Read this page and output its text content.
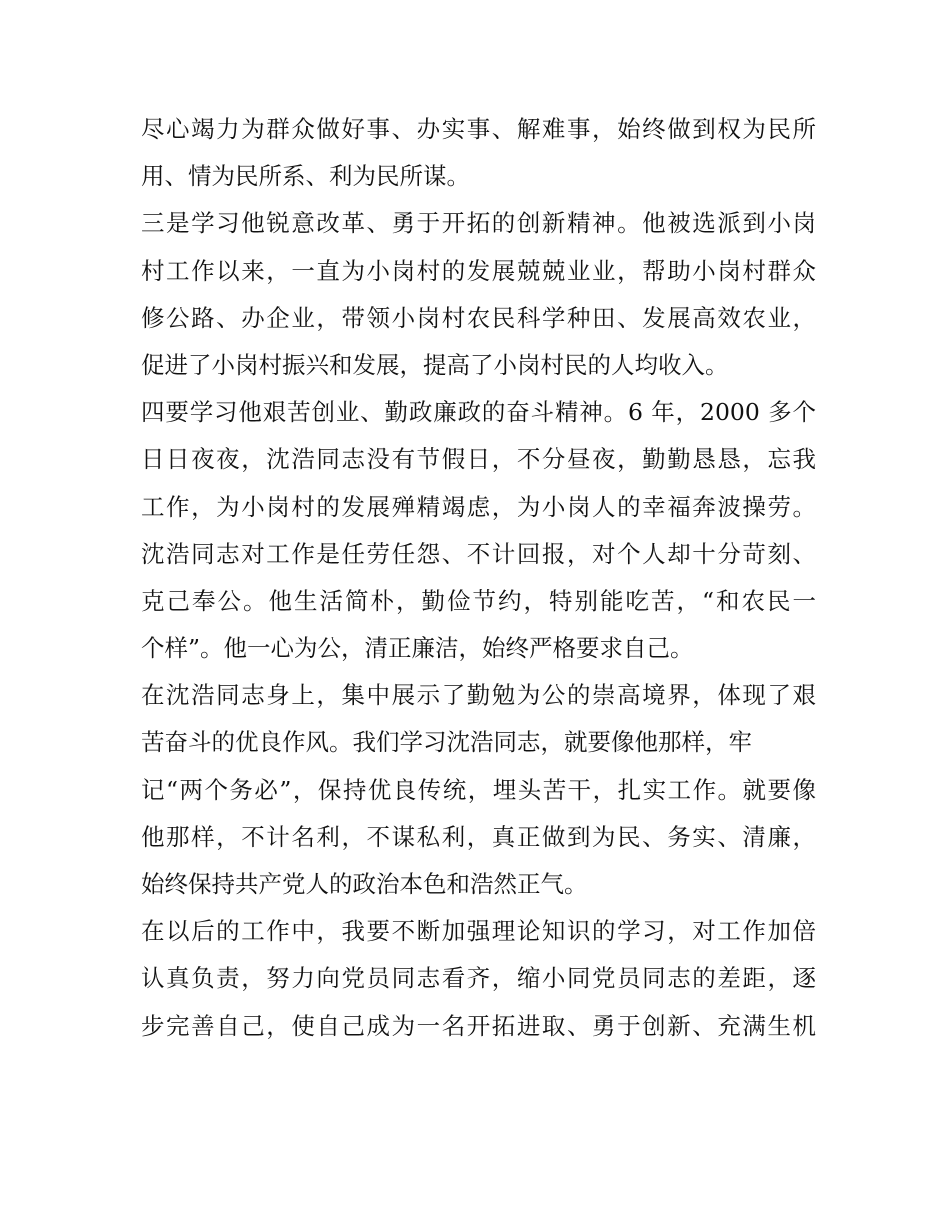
尽心竭力为群众做好事、办实事、解难事，始终做到权为民所
用、情为民所系、利为民所谋。
三是学习他锐意改革、勇于开拓的创新精神。他被选派到小岗
村工作以来，一直为小岗村的发展兢兢业业，帮助小岗村群众
修公路、办企业，带领小岗村农民科学种田、发展高效农业，
促进了小岗村振兴和发展，提高了小岗村民的人均收入。
四要学习他艰苦创业、勤政廉政的奋斗精神。6 年，2000 多个
日日夜夜，沈浩同志没有节假日，不分昼夜，勤勤恳恳，忘我
工作，为小岗村的发展殚精竭虑，为小岗人的幸福奔波操劳。
沈浩同志对工作是任劳任怨、不计回报，对个人却十分苛刻、
克己奉公。他生活简朴，勤俭节约，特别能吃苦，“和农民一
个样”。他一心为公，清正廉洁，始终严格要求自己。
在沈浩同志身上，集中展示了勤勉为公的崇高境界，体现了艰
苦奋斗的优良作风。我们学习沈浩同志，就要像他那样，牢
记“两个务必”，保持优良传统，埋头苦干，扎实工作。就要像
他那样，不计名利，不谋私利，真正做到为民、务实、清廉，
始终保持共产党人的政治本色和浩然正气。
在以后的工作中，我要不断加强理论知识的学习，对工作加倍
认真负责，努力向党员同志看齐，缩小同党员同志的差距，逐
步完善自己，使自己成为一名开拓进取、勇于创新、充满生机
